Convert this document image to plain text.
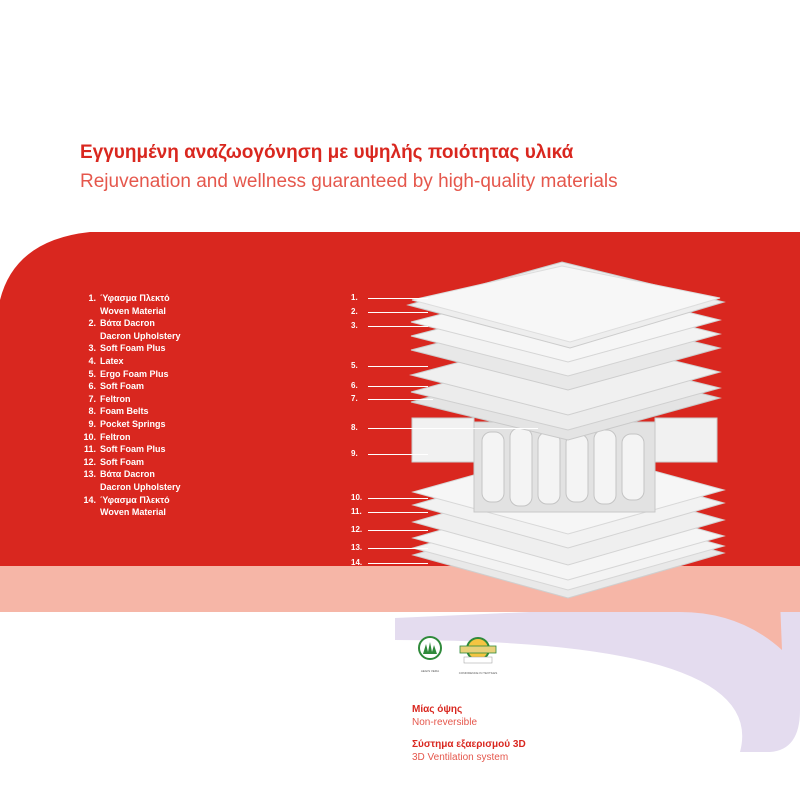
Εγγυημένη αναζωογόνηση με υψηλής ποιότητας υλικά
Rejuvenation and wellness guaranteed by high-quality materials
1. Ύφασμα Πλεκτό
Woven Material
2. Βάτα Dacron
Dacron Upholstery
3. Soft Foam Plus
4. Latex
5. Ergo Foam Plus
6. Soft Foam
7. Feltron
8. Foam Belts
9. Pocket Springs
10. Feltron
11. Soft Foam Plus
12. Soft Foam
13. Βάτα Dacron
Dacron Upholstery
14. Ύφασμα Πλεκτό
Woven Material
1.
2.
3.
5.
6.
7.
8.
9.
10.
11.
12.
13.
14.
AEGIS VERA	CONFIDENCE IN TEXTILES
Μίας όψης
Non-reversible
Σύστημα εξαερισμού 3D
3D Ventilation system
